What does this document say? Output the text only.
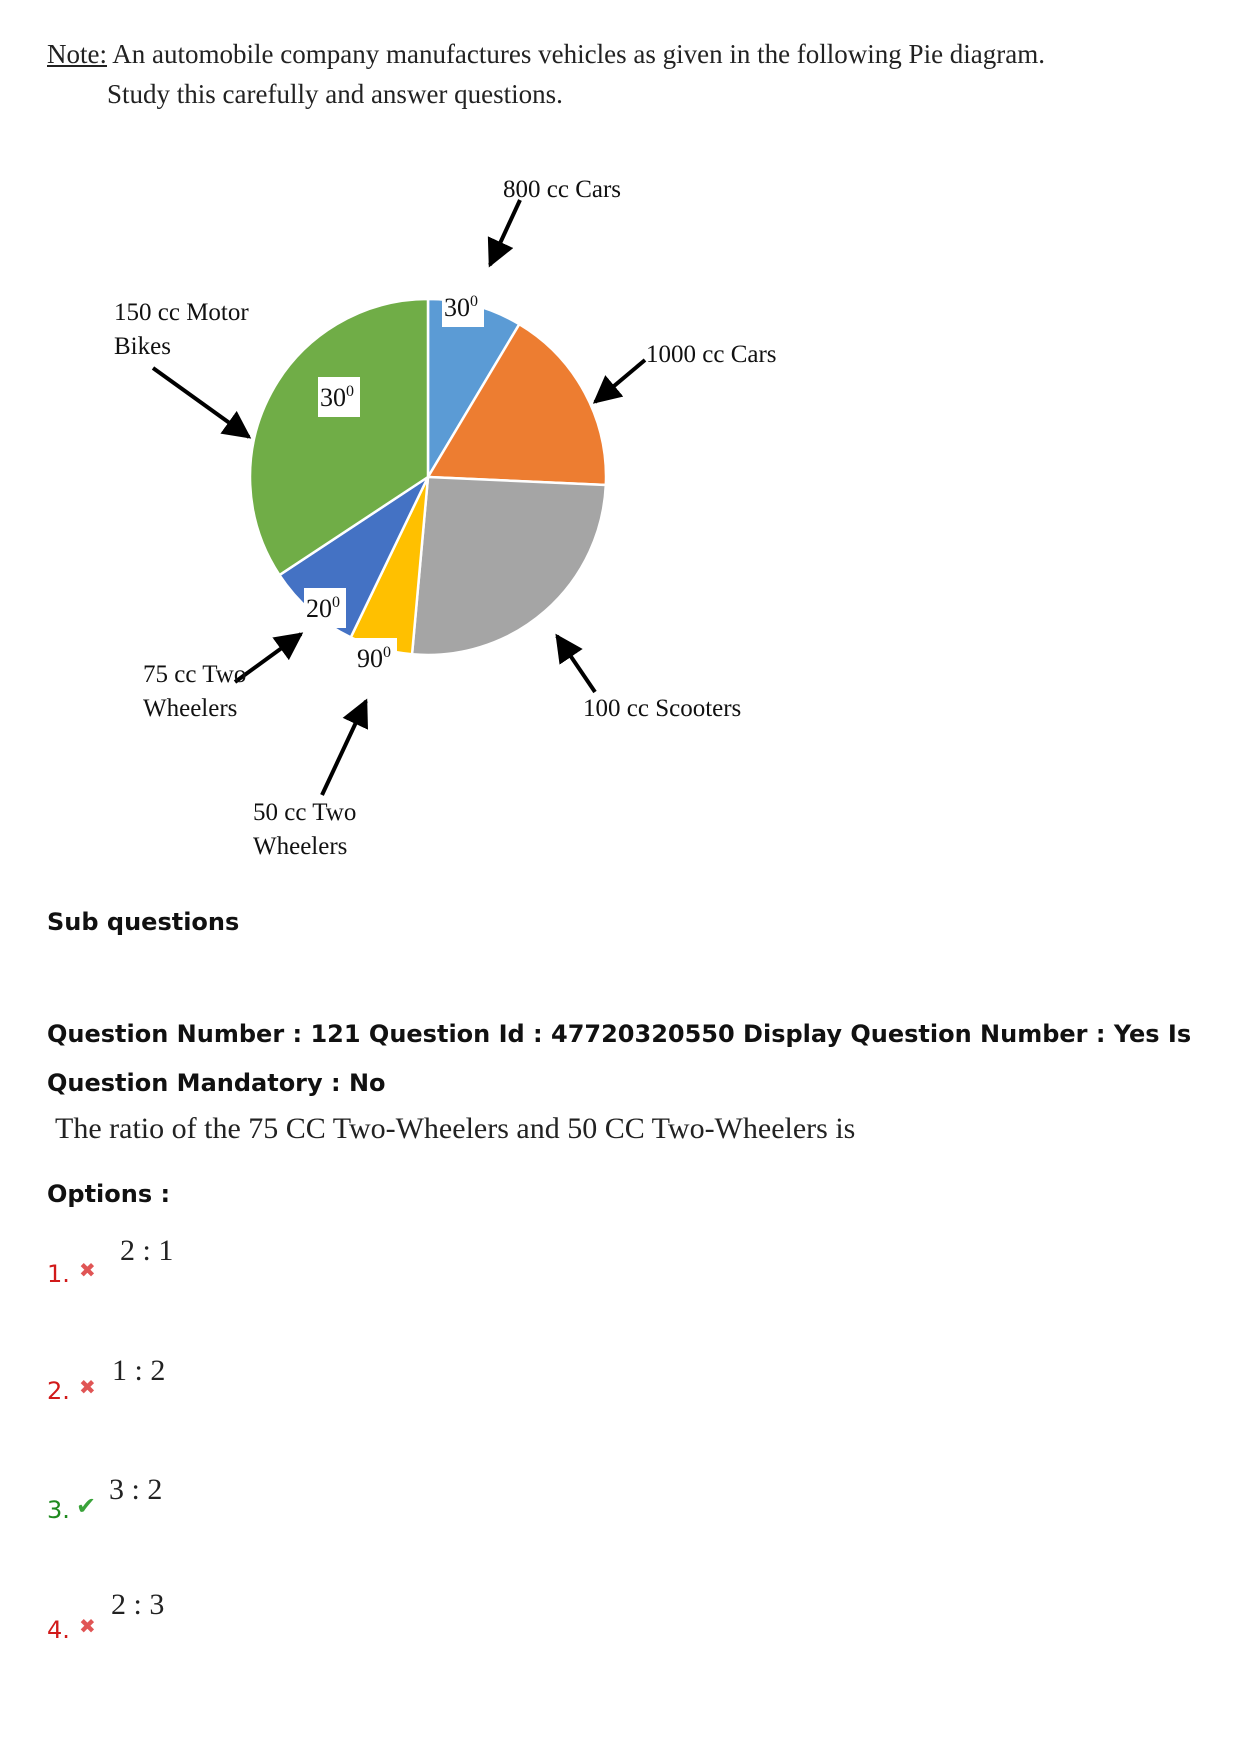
Note: An automobile company manufactures vehicles as given in the following Pie diagram.
Study this carefully and answer questions.
$30^0$
$90^0$
$20^0$
$30^0$
800 cc Cars
1000 cc Cars
100 cc Scooters
50 cc Two
Wheelers
75 cc Two
Wheelers
150 cc Motor
Bikes
Sub questions
Question Number : 121 Question Id : 47720320550 Display Question Number : Yes Is Question Mandatory : No
The ratio of the 75 CC Two-Wheelers and 50 CC Two-Wheelers is
Options :
1. ✖
2 : 1
2. ✖ 1 : 2
3. ✔ 3 : 2
4. ✖
2 : 3
